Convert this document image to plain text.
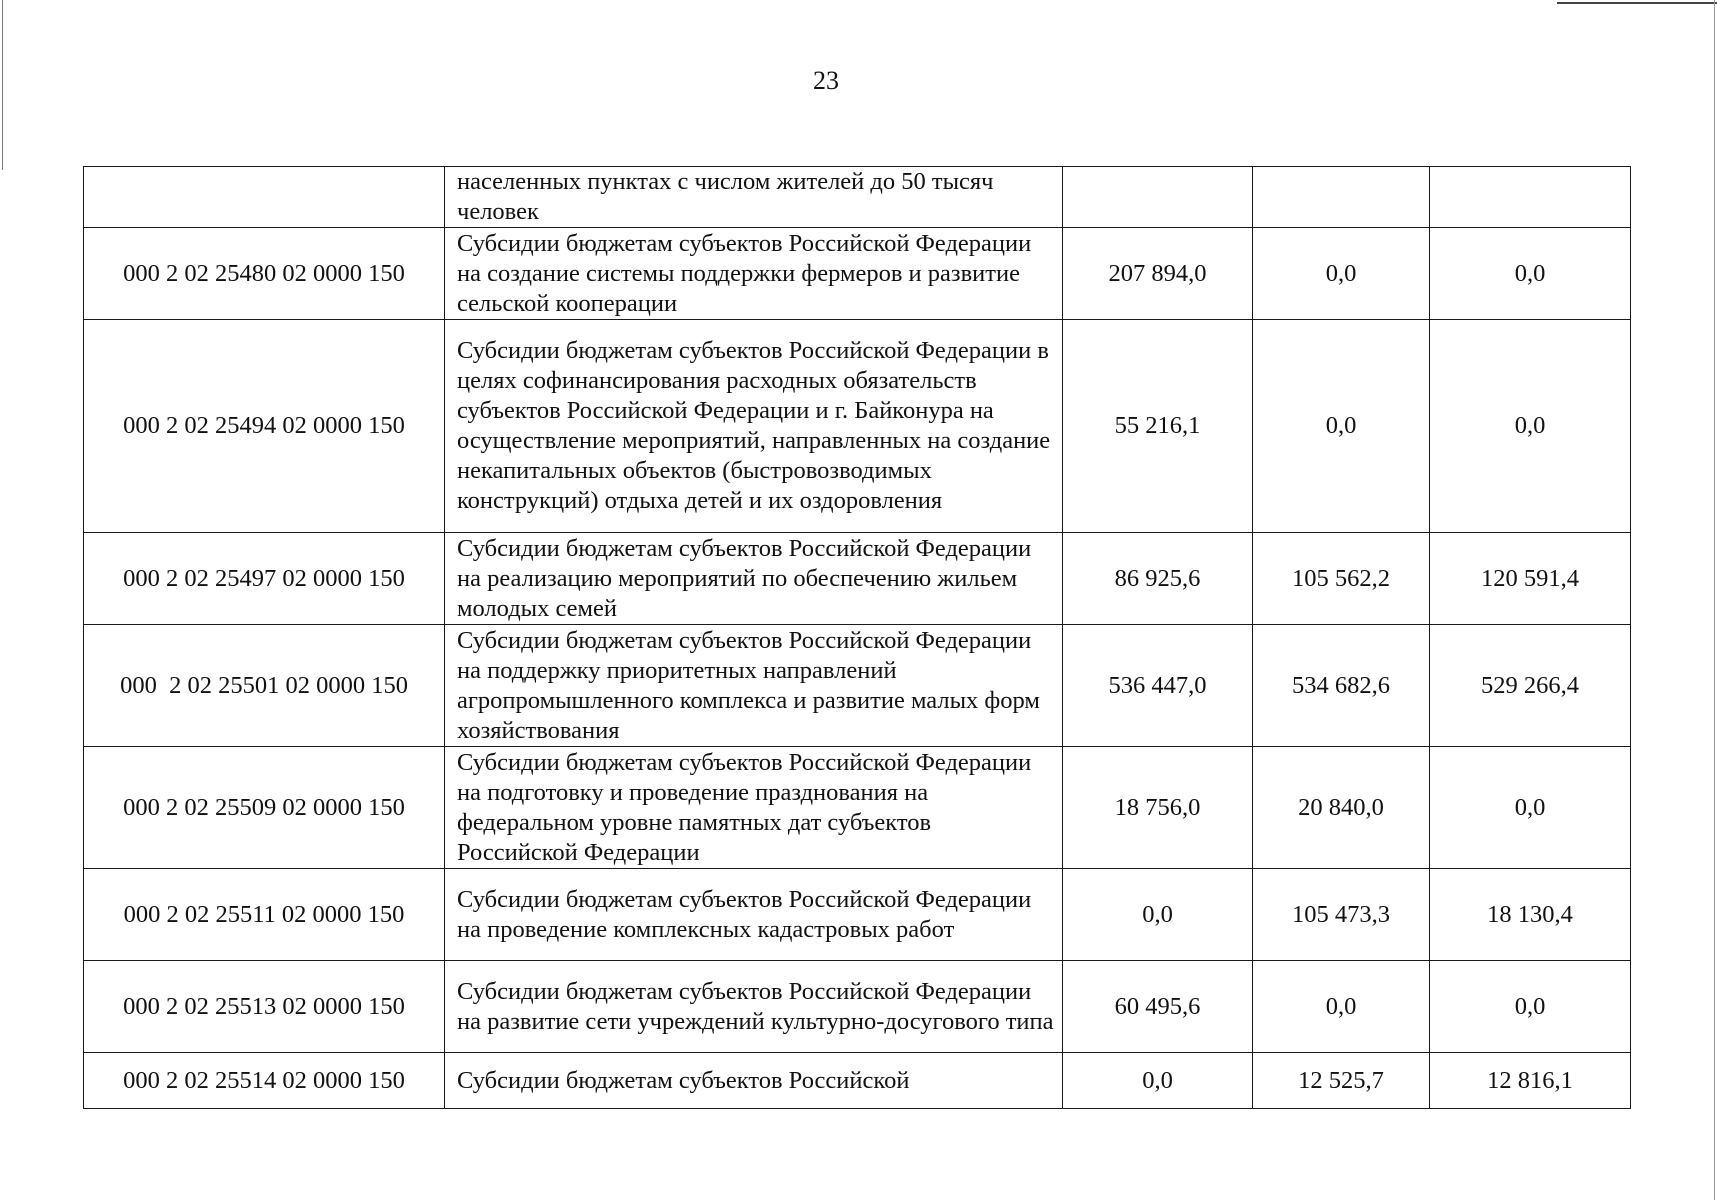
23
	населенных пунктах с числом жителей до 50 тысяч человек			
000 2 02 25480 02 0000 150	Субсидии бюджетам субъектов Российской Федерации на создание системы поддержки фермеров и развитие сельской кооперации	207 894,0	0,0	0,0
000 2 02 25494 02 0000 150	Субсидии бюджетам субъектов Российской Федерации в целях софинансирования расходных обязательств субъектов Российской Федерации и г. Байконура на осуществление мероприятий, направленных на создание некапитальных объектов (быстровозводимых конструкций) отдыха детей и их оздоровления	55 216,1	0,0	0,0
000 2 02 25497 02 0000 150	Субсидии бюджетам субъектов Российской Федерации на реализацию мероприятий по обеспечению жильем молодых семей	86 925,6	105 562,2	120 591,4
000  2 02 25501 02 0000 150	Субсидии бюджетам субъектов Российской Федерации на поддержку приоритетных направлений агропромышленного комплекса и развитие малых форм хозяйствования	536 447,0	534 682,6	529 266,4
000 2 02 25509 02 0000 150	Субсидии бюджетам субъектов Российской Федерации на подготовку и проведение празднования на федеральном уровне памятных дат субъектов Российской Федерации	18 756,0	20 840,0	0,0
000 2 02 25511 02 0000 150	Субсидии бюджетам субъектов Российской Федерации на проведение комплексных кадастровых работ	0,0	105 473,3	18 130,4
000 2 02 25513 02 0000 150	Субсидии бюджетам субъектов Российской Федерации на развитие сети учреждений культурно-досугового типа	60 495,6	0,0	0,0
000 2 02 25514 02 0000 150	Субсидии бюджетам субъектов Российской	0,0	12 525,7	12 816,1
